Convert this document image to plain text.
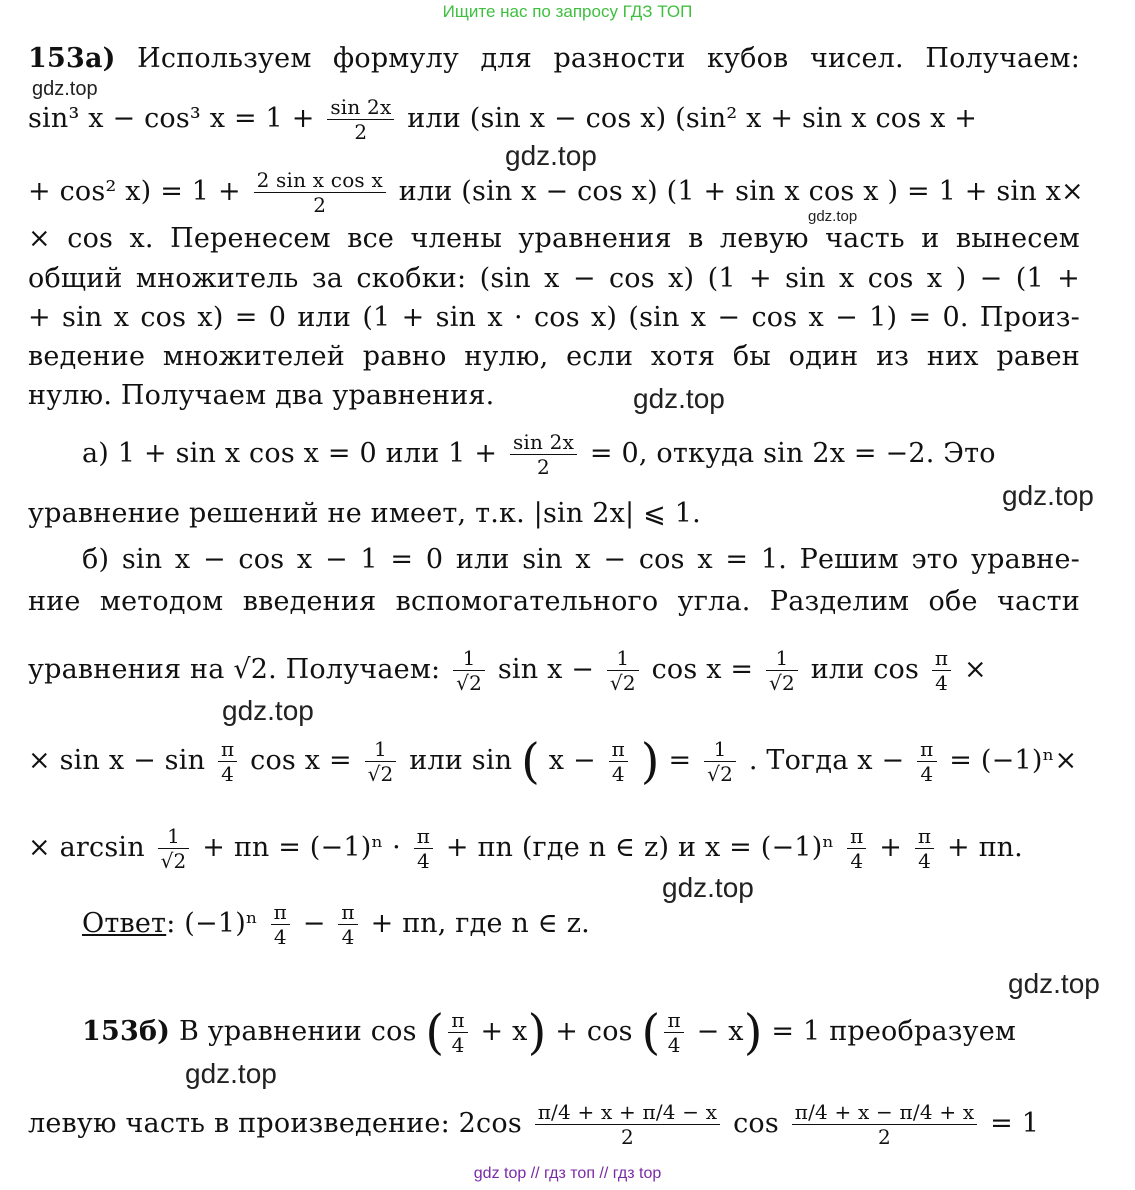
Ищите нас по запросу ГДЗ ТОП
153а) Используем формулу для разности кубов чисел. Получаем:
sin³ x − cos³ $x = 1 + \frac{\sin 2x}{2}$ или (sin x − cos x) (sin² x + sin x cos x +
+ cos² $x) = 1 + \frac{\text{2 sin x cos x}}{2}$ или (sin x − cos x) (1 + sin x cos x ) = 1 + sin x×
× cos x. Перенесем все члены уравнения в левую часть и вынесем
общий множитель за скобки: (sin x − cos x) (1 + sin x cos x ) − (1 +
+ sin x cos x) = 0 или (1 + sin x · cos x) (sin x − cos x − 1) = 0. Произ-
ведение множителей равно нулю, если хотя бы один из них равен
нулю. Получаем два уравнения.
а) 1 + sin x cos x = 0 или $1 + \frac{\sin 2x}{2} = 0$, откуда sin 2x = −2. Это
уравнение решений не имеет, т.к. |sin 2x| ⩽ 1.
б) sin x − cos x − 1 = 0 или sin x − cos x = 1. Решим это уравне-
ние методом введения вспомогательного угла. Разделим обе части
уравнения на √2. Получаем: $\frac{1}{√2}$ $\sin x - \frac{1}{√2}$ $\cos x = \frac{1}{√2}$ или $\cos \frac{\pi}{4}$ ×
× $\sin x - \sin \frac{\pi}{4}$ $\cos x = \frac{1}{√2}$ или sin ( $x - \frac{\pi}{4}$ ) = $\frac{1}{√2}$ . Тогда $x - \frac{\pi}{4} = (-1)^n\times$
× $\arcsin \frac{1}{√2} + \pi n = (-1)^n \cdot \frac{\pi}{4} + \pi n$ (где n ∈ z) и $x = (-1)^n \frac{\pi}{4} + \frac{\pi}{4} + \pi n$.
Ответ: $(-1)^n \frac{\pi}{4} - \frac{\pi}{4} + \pi n$, где n ∈ z.
153б) В уравнении cos ( $\frac{\pi}{4} + x) + \cos$ ( $\frac{\pi}{4} - x) = 1$ преобразуем
левую часть в произведение: $2\cos \frac{\pi/4 + x + \pi/4 - x}{2}$ $\cos \frac{\pi/4 + x - \pi/4 + x}{2} = 1$
gdz.top
gdz.top
gdz.top
gdz.top
gdz.top
gdz.top
gdz.top
gdz.top
gdz.top
gdz top // гдз топ // гдз top
